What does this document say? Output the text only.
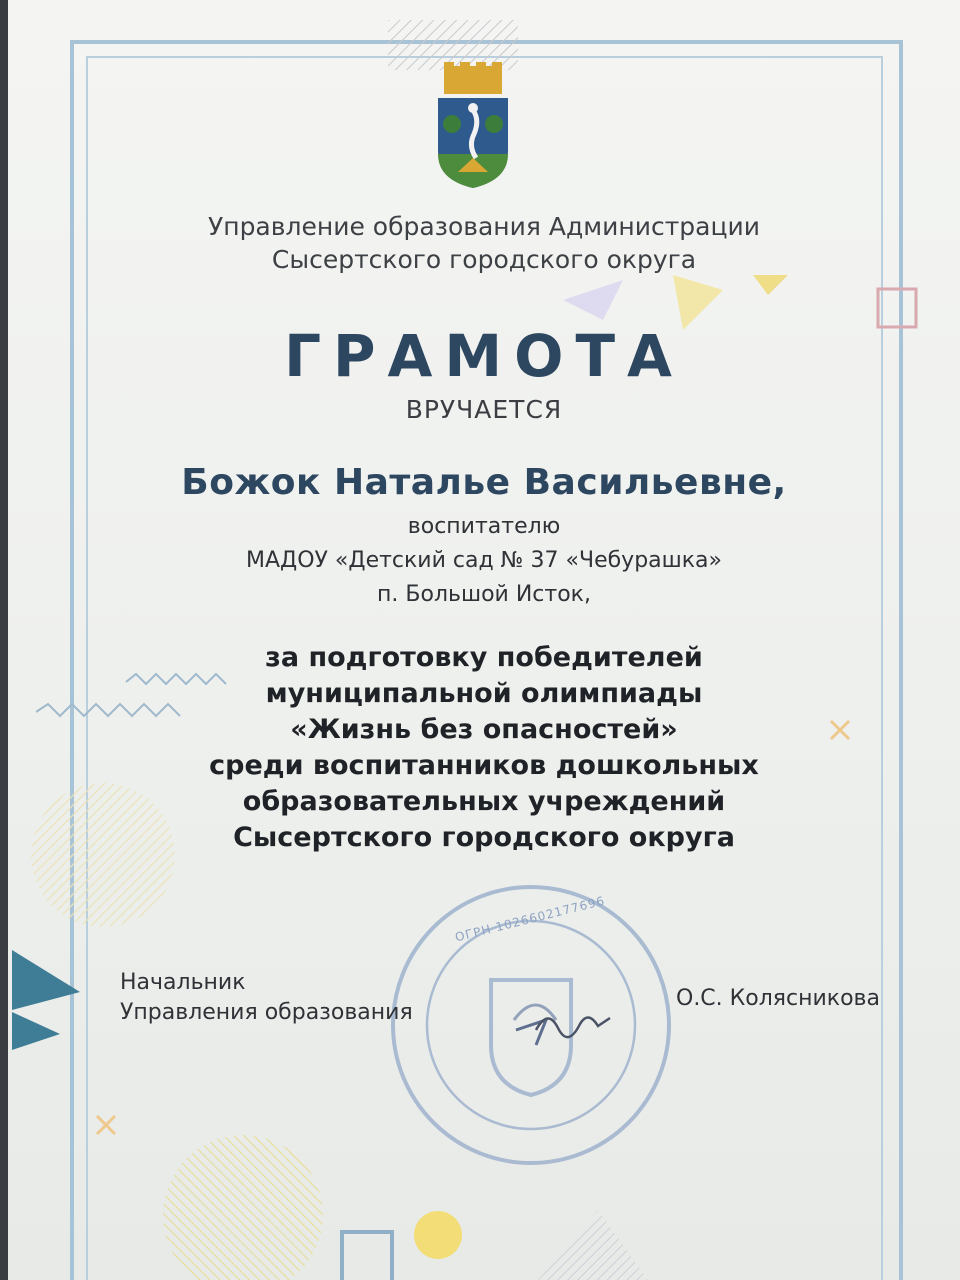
ОГРН 1026602177696
Управление образования Администрации
Сысертского городского округа
ГРАМОТА
ВРУЧАЕТСЯ
Божок Наталье Васильевне,
воспитателю
МАДОУ «Детский сад № 37 «Чебурашка»
п. Большой Исток,
за подготовку победителей
муниципальной олимпиады
«Жизнь без опасностей»
среди воспитанников дошкольных
образовательных учреждений
Сысертского городского округа
Начальник
Управления образования
О.С. Колясникова
